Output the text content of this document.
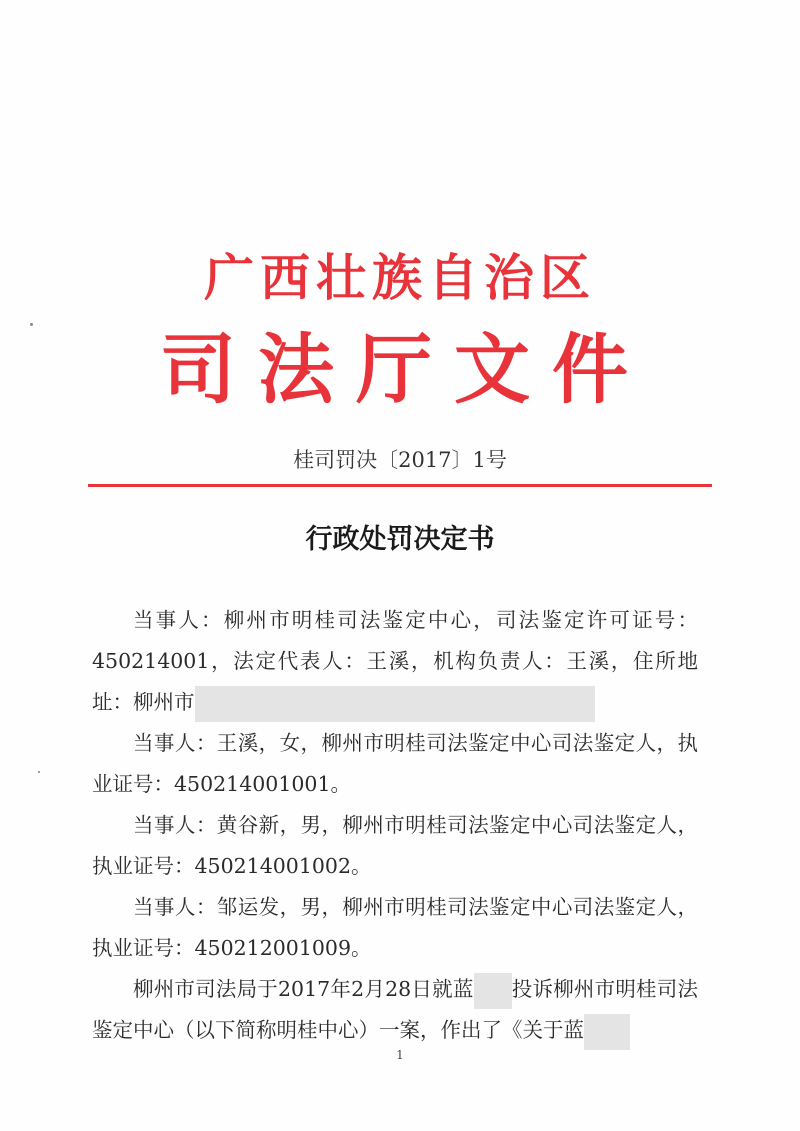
广西壮族自治区
司法厅文件
桂司罚决〔2017〕1号
行政处罚决定书

当事人：柳州市明桂司法鉴定中心，司法鉴定许可证号：450214001，法定代表人：王溪，机构负责人：王溪，住所地址：柳州市

当事人：王溪，女，柳州市明桂司法鉴定中心司法鉴定人，执业证号：450214001001。

当事人：黄谷新，男，柳州市明桂司法鉴定中心司法鉴定人，执业证号：450214001002。

当事人：邹运发，男，柳州市明桂司法鉴定中心司法鉴定人，执业证号：450212001009。

柳州市司法局于2017年2月28日就蓝 投诉柳州市明桂司法鉴定中心（以下简称明桂中心）一案，作出了《关于蓝

1
